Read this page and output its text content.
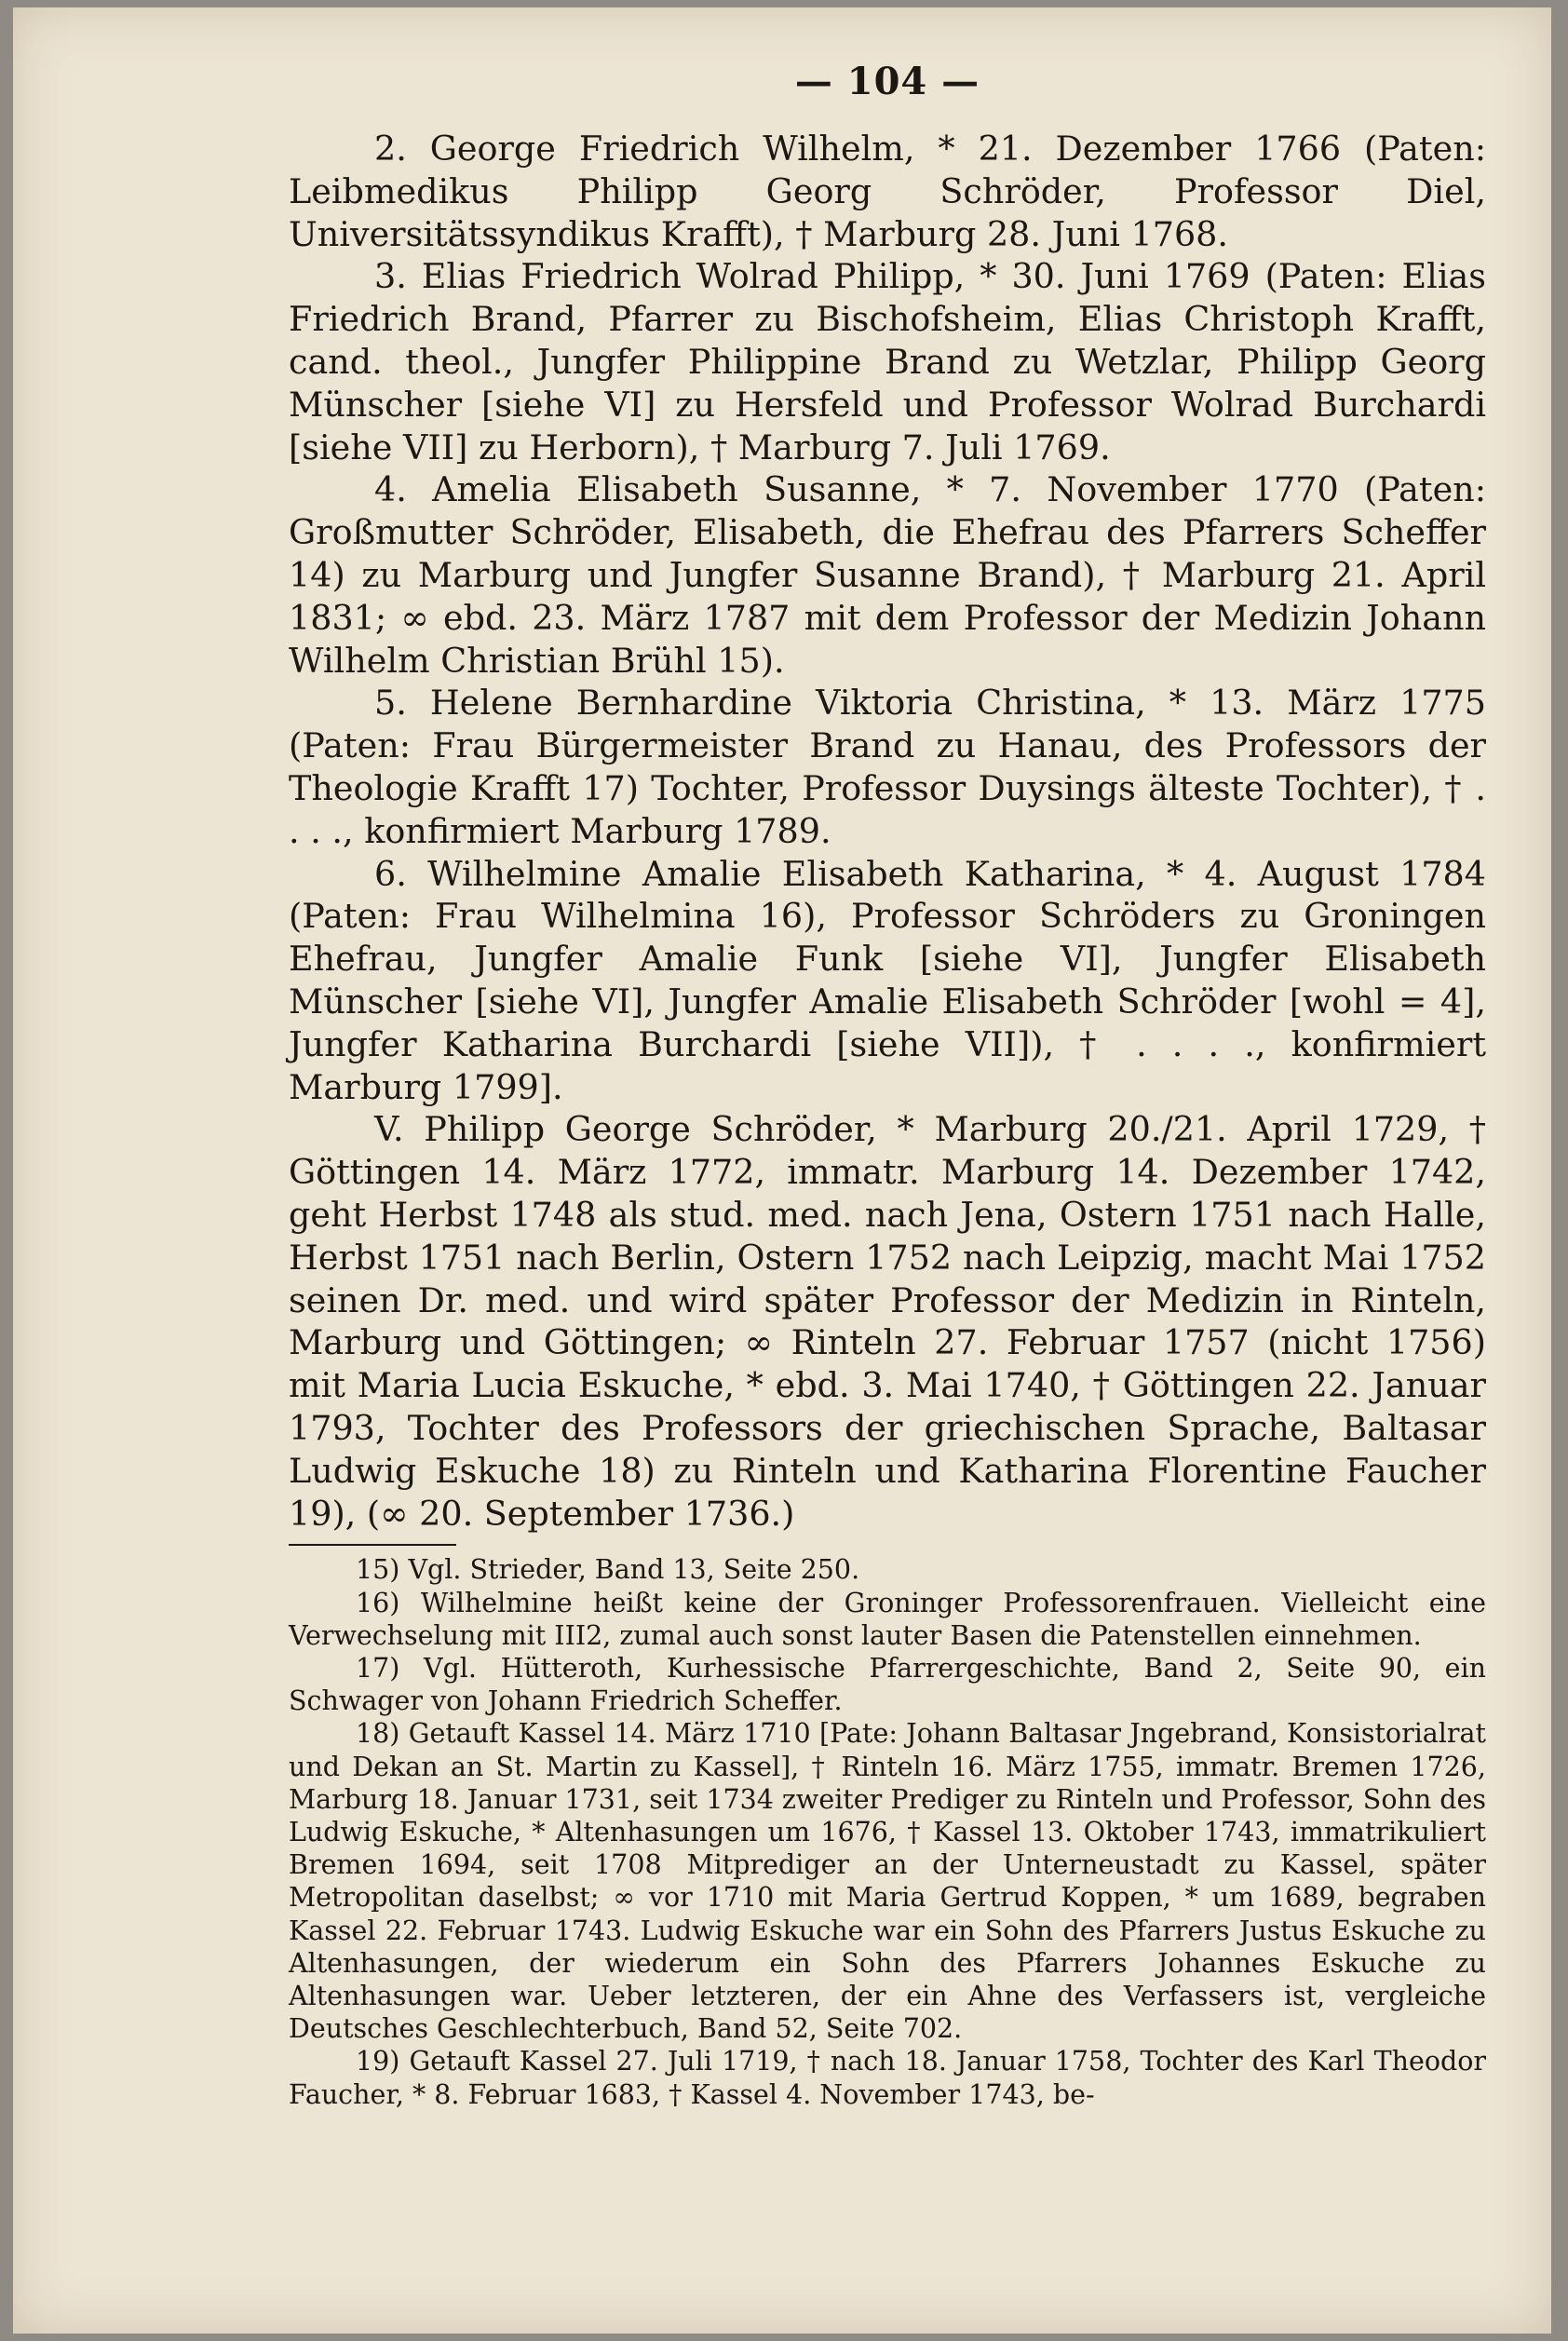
— 104 —

2. George Friedrich Wilhelm, * 21. Dezember 1766 (Paten: Leibmedikus Philipp Georg Schröder, Professor Diel, Universitätssyndikus Krafft), † Marburg 28. Juni 1768.

3. Elias Friedrich Wolrad Philipp, * 30. Juni 1769 (Paten: Elias Friedrich Brand, Pfarrer zu Bischofsheim, Elias Christoph Krafft, cand. theol., Jungfer Philippine Brand zu Wetzlar, Philipp Georg Münscher [siehe VI] zu Hersfeld und Professor Wolrad Burchardi [siehe VII] zu Herborn), † Marburg 7. Juli 1769.

4. Amelia Elisabeth Susanne, * 7. November 1770 (Paten: Großmutter Schröder, Elisabeth, die Ehefrau des Pfarrers Scheffer 14) zu Marburg und Jungfer Susanne Brand), † Marburg 21. April 1831; ∞ ebd. 23. März 1787 mit dem Professor der Medizin Johann Wilhelm Christian Brühl 15).

5. Helene Bernhardine Viktoria Christina, * 13. März 1775 (Paten: Frau Bürgermeister Brand zu Hanau, des Professors der Theologie Krafft 17) Tochter, Professor Duysings älteste Tochter), † . . . ., konfirmiert Marburg 1789.

6. Wilhelmine Amalie Elisabeth Katharina, * 4. August 1784 (Paten: Frau Wilhelmina 16), Professor Schröders zu Groningen Ehefrau, Jungfer Amalie Funk [siehe VI], Jungfer Elisabeth Münscher [siehe VI], Jungfer Amalie Elisabeth Schröder [wohl = 4], Jungfer Katharina Burchardi [siehe VII]), † . . . ., konfirmiert Marburg 1799].

V. Philipp George Schröder, * Marburg 20./21. April 1729, † Göttingen 14. März 1772, immatr. Marburg 14. Dezember 1742, geht Herbst 1748 als stud. med. nach Jena, Ostern 1751 nach Halle, Herbst 1751 nach Berlin, Ostern 1752 nach Leipzig, macht Mai 1752 seinen Dr. med. und wird später Professor der Medizin in Rinteln, Marburg und Göttingen; ∞ Rinteln 27. Februar 1757 (nicht 1756) mit Maria Lucia Eskuche, * ebd. 3. Mai 1740, † Göttingen 22. Januar 1793, Tochter des Professors der griechischen Sprache, Baltasar Ludwig Eskuche 18) zu Rinteln und Katharina Florentine Faucher 19), (∞ 20. September 1736.)

15) Vgl. Strieder, Band 13, Seite 250.

16) Wilhelmine heißt keine der Groninger Professorenfrauen. Vielleicht eine Verwechselung mit III2, zumal auch sonst lauter Basen die Patenstellen einnehmen.

17) Vgl. Hütteroth, Kurhessische Pfarrergeschichte, Band 2, Seite 90, ein Schwager von Johann Friedrich Scheffer.

18) Getauft Kassel 14. März 1710 [Pate: Johann Baltasar Jngebrand, Konsistorialrat und Dekan an St. Martin zu Kassel], † Rinteln 16. März 1755, immatr. Bremen 1726, Marburg 18. Januar 1731, seit 1734 zweiter Prediger zu Rinteln und Professor, Sohn des Ludwig Eskuche, * Altenhasungen um 1676, † Kassel 13. Oktober 1743, immatrikuliert Bremen 1694, seit 1708 Mitprediger an der Unterneustadt zu Kassel, später Metropolitan daselbst; ∞ vor 1710 mit Maria Gertrud Koppen, * um 1689, begraben Kassel 22. Februar 1743. Ludwig Eskuche war ein Sohn des Pfarrers Justus Eskuche zu Altenhasungen, der wiederum ein Sohn des Pfarrers Johannes Eskuche zu Altenhasungen war. Ueber letzteren, der ein Ahne des Verfassers ist, vergleiche Deutsches Geschlechterbuch, Band 52, Seite 702.

19) Getauft Kassel 27. Juli 1719, † nach 18. Januar 1758, Tochter des Karl Theodor Faucher, * 8. Februar 1683, † Kassel 4. November 1743, be-
